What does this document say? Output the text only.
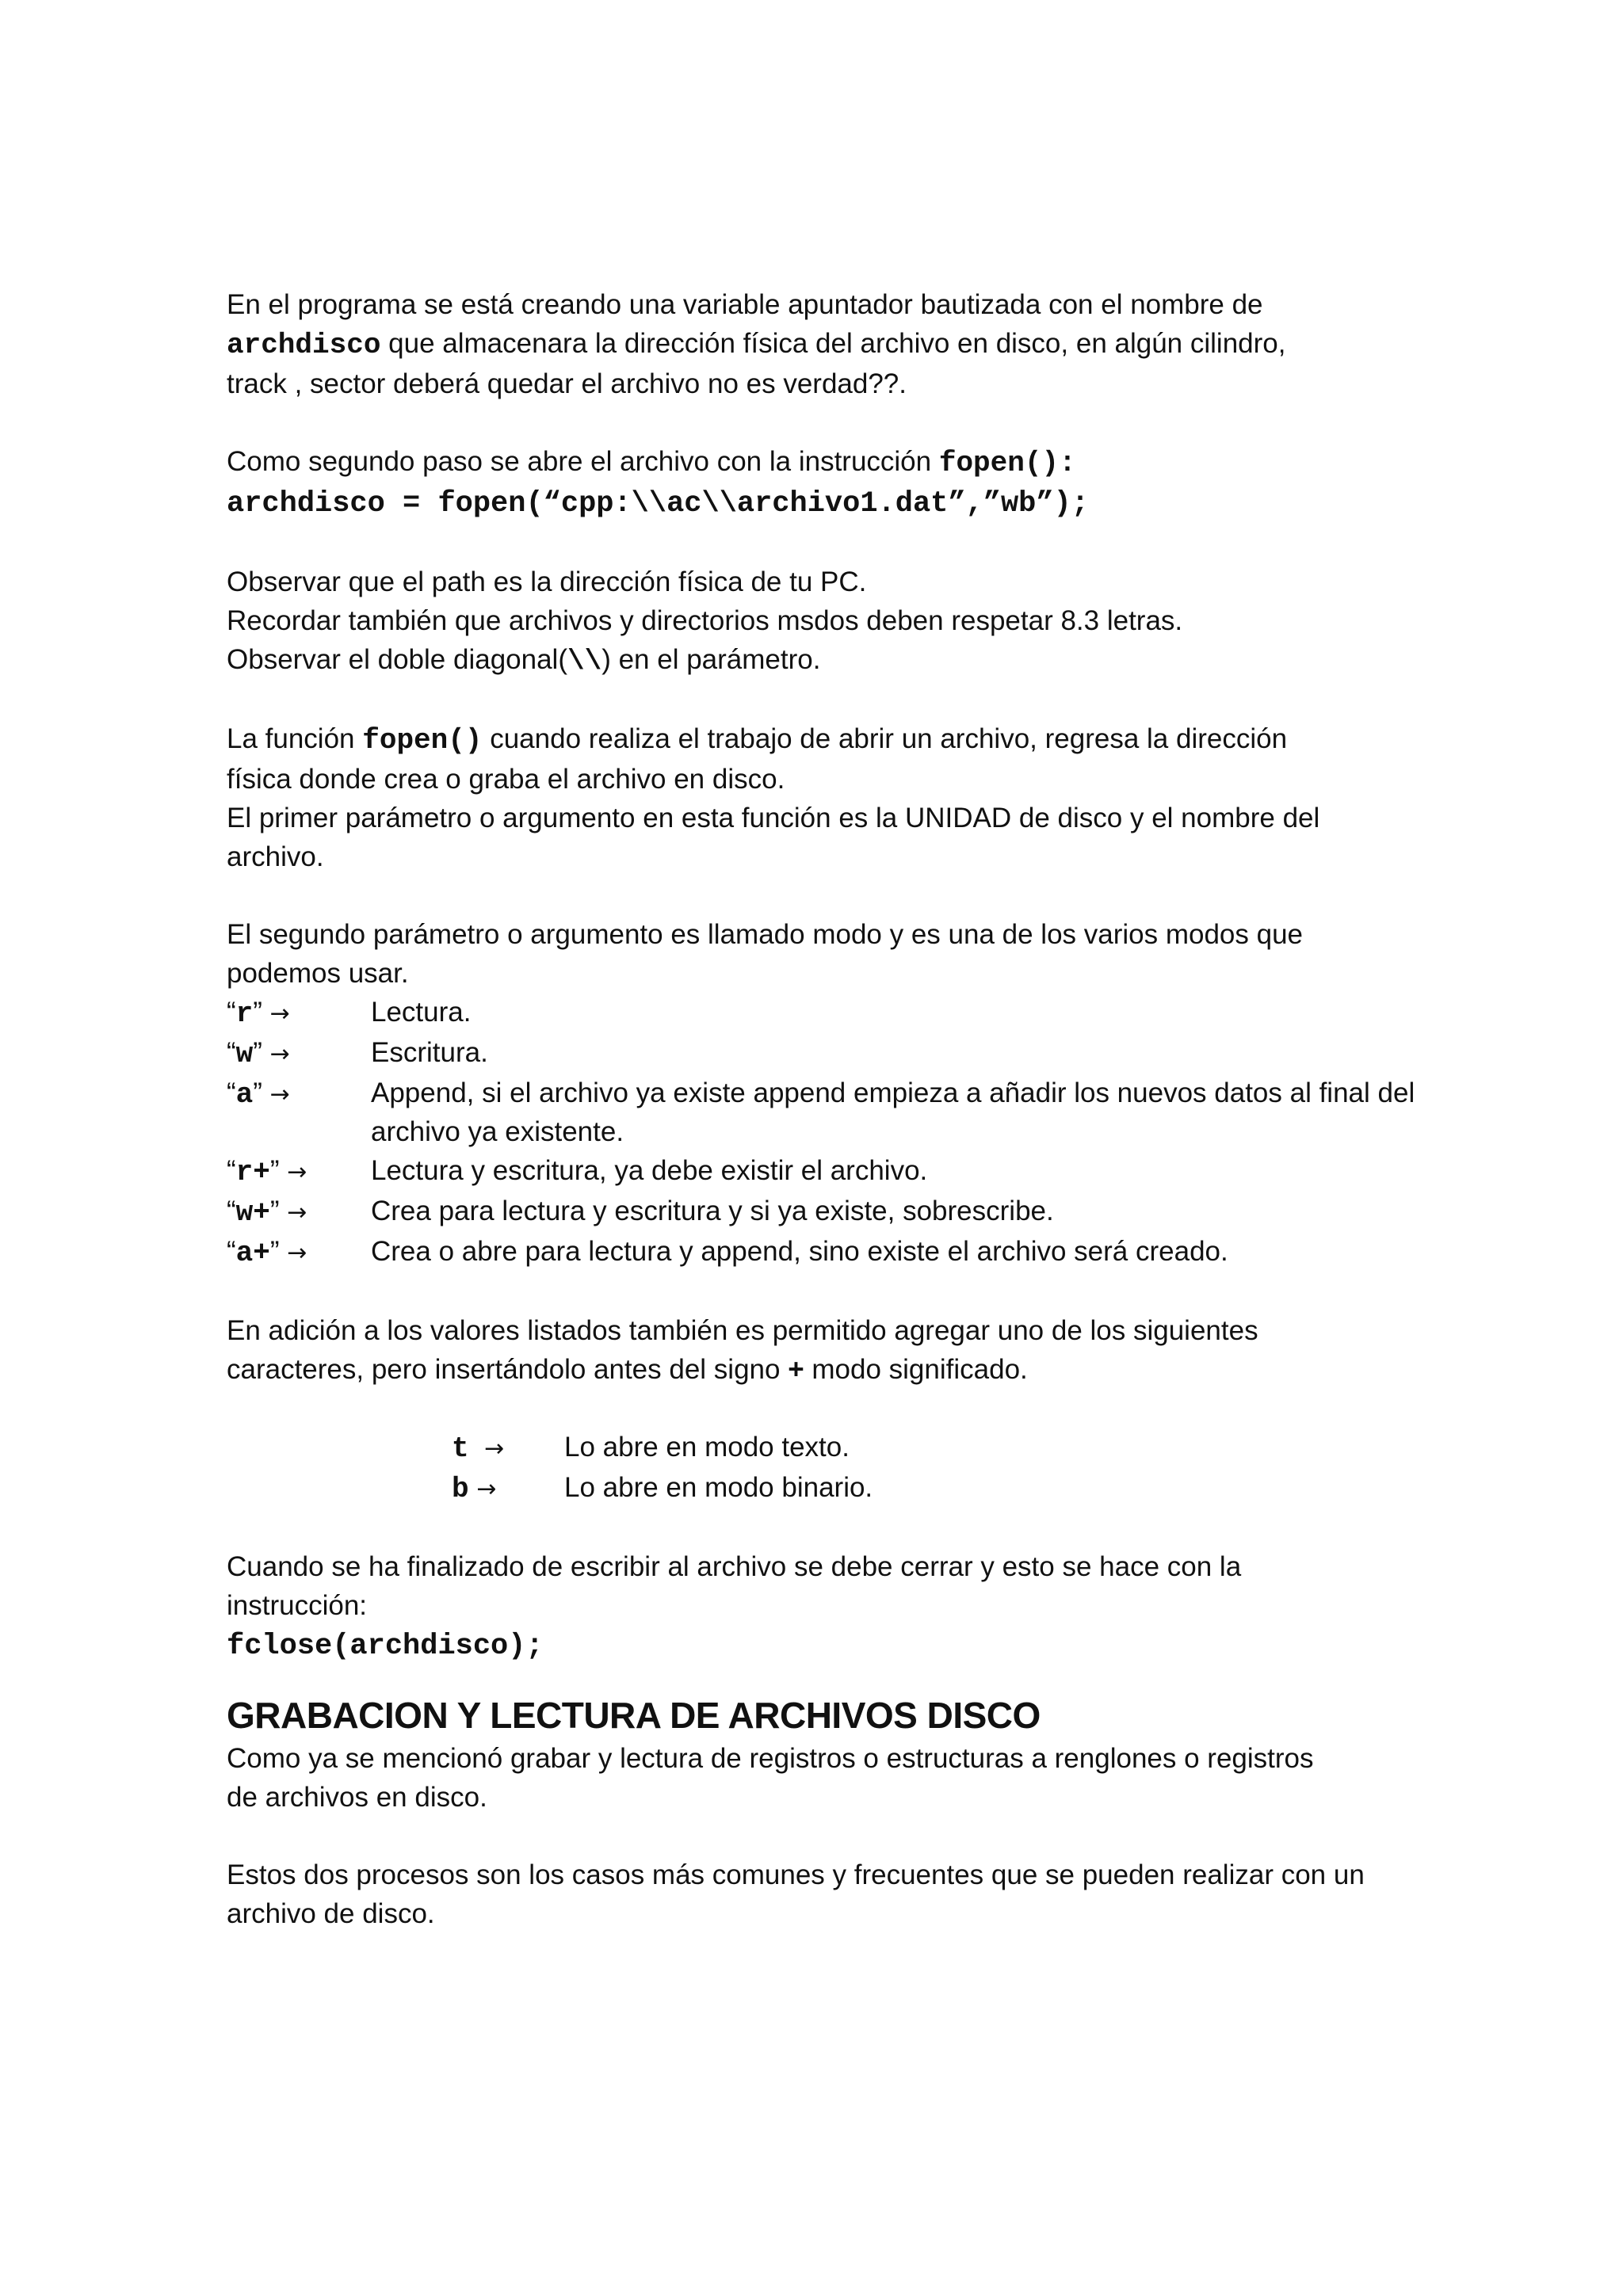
En el programa se está creando una variable apuntador bautizada con el nombre de
archdisco que almacenara la dirección física del archivo en disco, en algún cilindro,
track , sector deberá quedar el archivo no es verdad??.

Como segundo paso se abre el archivo con la instrucción fopen():
archdisco = fopen(“cpp:\\ac\\archivo1.dat”,”wb”);

Observar que el path es la dirección física de tu PC.
Recordar también que archivos y directorios msdos deben respetar 8.3 letras.
Observar el doble diagonal(\\) en el parámetro.

La función fopen() cuando realiza el trabajo de abrir un archivo, regresa la dirección
física donde crea o graba el archivo en disco.
El primer parámetro o argumento en esta función es la UNIDAD de disco y el nombre del
archivo.

El segundo parámetro o argumento es llamado modo y es una de los varios modos que
podemos usar.

“r” →	Lectura.
“w” →	Escritura.
“a” →	Append, si el archivo ya existe append empieza a añadir los nuevos datos al final del archivo ya existente.
“r+” →	Lectura y escritura, ya debe existir el archivo.
“w+” →	Crea para lectura y escritura y si ya existe, sobrescribe.
“a+” →	Crea o abre para lectura y append, sino existe el archivo será creado.

En adición a los valores listados también es permitido agregar uno de los siguientes
caracteres, pero insertándolo antes del signo + modo significado.

t →	Lo abre en modo texto.
b →	Lo abre en modo binario.

Cuando se ha finalizado de escribir al archivo se debe cerrar y esto se hace con la
instrucción:
fclose(archdisco);

GRABACION Y LECTURA DE ARCHIVOS DISCO

Como ya se mencionó grabar y lectura de registros o estructuras a renglones o registros
de archivos en disco.

Estos dos procesos son los casos más comunes y frecuentes que se pueden realizar con un
archivo de disco.
